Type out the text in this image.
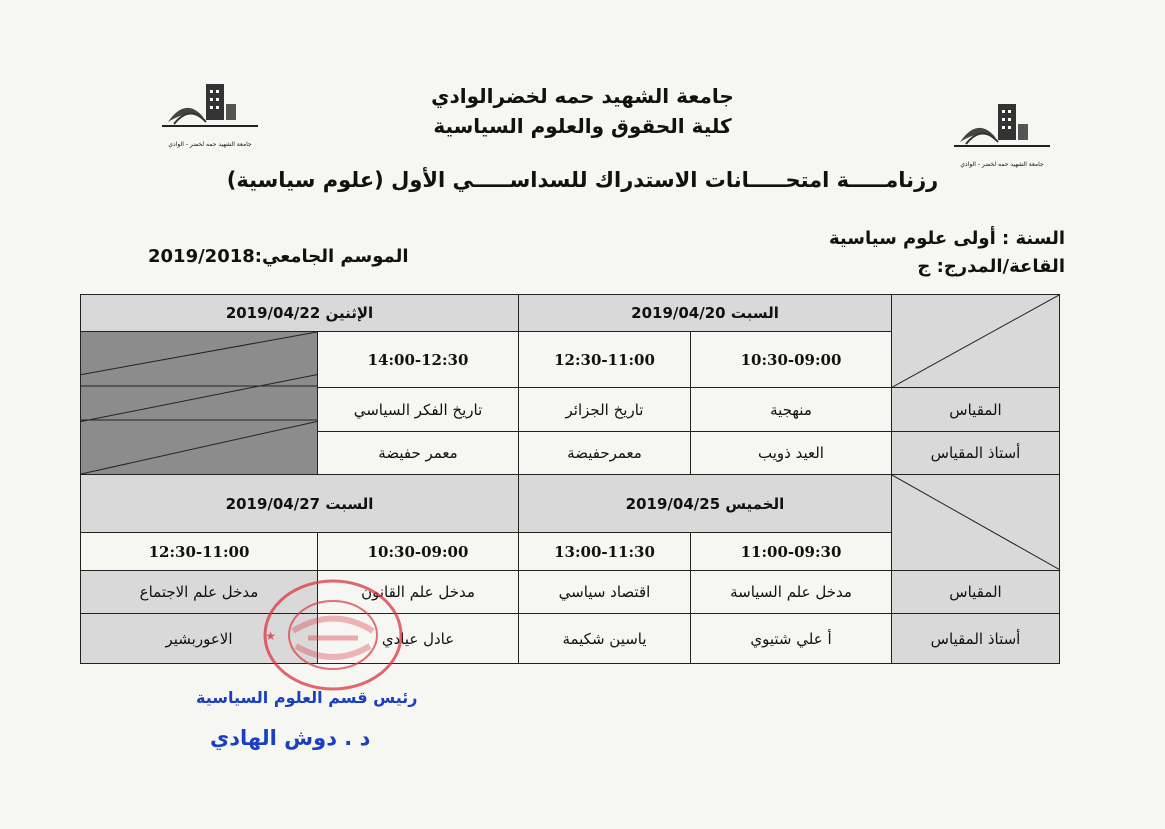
جامعة الشهيد حمه لخضر - الوادي
جامعة الشهيد حمه لخضر - الوادي
جامعة الشهيد حمه لخضرالوادي
كلية الحقوق والعلوم السياسية
رزنامـــــة امتحـــــانات الاستدراك للسداســـــي الأول (علوم سياسية)
السنة : أولى علوم سياسية
القاعة/المدرج: ج
الموسم الجامعي:2019/2018
	السبت 2019/04/20		الإثنين 2019/04/22	
	10:30-09:00	12:30-11:00	14:00-12:30	

المقياس	منهجية	تاريخ الجزائر	تاريخ الفكر السياسي	
أستاذ المقياس	العيد ذويب	معمرحفيضة	معمر حفيضة	

	الخميس 2019/04/25		السبت 2019/04/27	
	11:00-09:30	13:00-11:30	10:30-09:00	12:30-11:00
المقياس	مدخل علم السياسة	اقتصاد سياسي	مدخل علم القانون	مدخل علم الاجتماع
أستاذ المقياس	أ علي شتيوي	ياسين شكيمة	عادل عيادي	الاعوربشير	★
رئيس قسم العلوم السياسية
د . دوش الهادي
